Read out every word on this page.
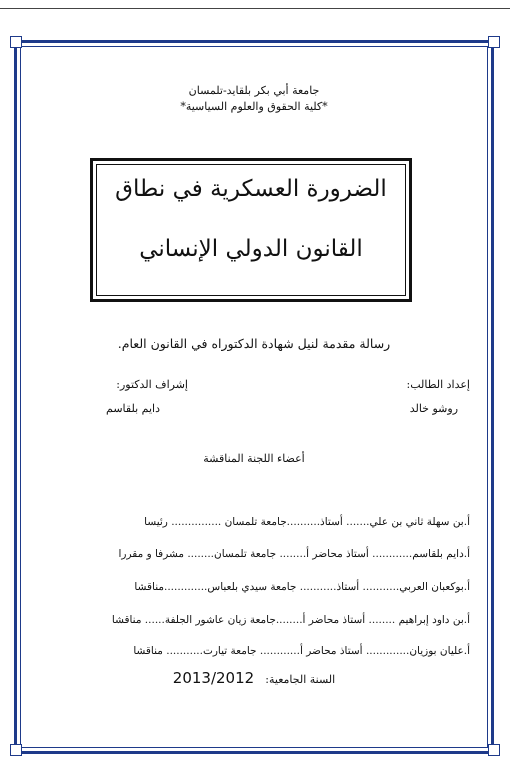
جامعة أبي بكر بلقايد-تلمسان
*كلية الحقوق والعلوم السياسية*
الضرورة العسكرية في نطاق
القانون الدولي الإنساني
رسالة مقدمة لنيل شهادة الدكتوراه في القانون العام.
إعداد الطالب:
روشو خالد
إشراف الدكتور:
دايم بلقاسم
أعضاء اللجنة المناقشة
أ.بن سهلة ثاني بن علي....... أستاذ..........جامعة تلمسان ............... رئيسا
أ.دايم بلقاسم............ أستاذ محاضر أ........ جامعة تلمسان........ مشرفا و مقررا
أ.بوكعبان العربي........... أستاذ........... جامعة سيدي بلعباس.............مناقشا
أ.بن داود إبراهيم ........ أستاذ محاضر أ........جامعة زيان عاشور الجلفة...... مناقشا
أ.عليان بوزيان............. أستاذ محاضر أ............ جامعة تيارت........... مناقشا
السنة الجامعية: 2013/2012
